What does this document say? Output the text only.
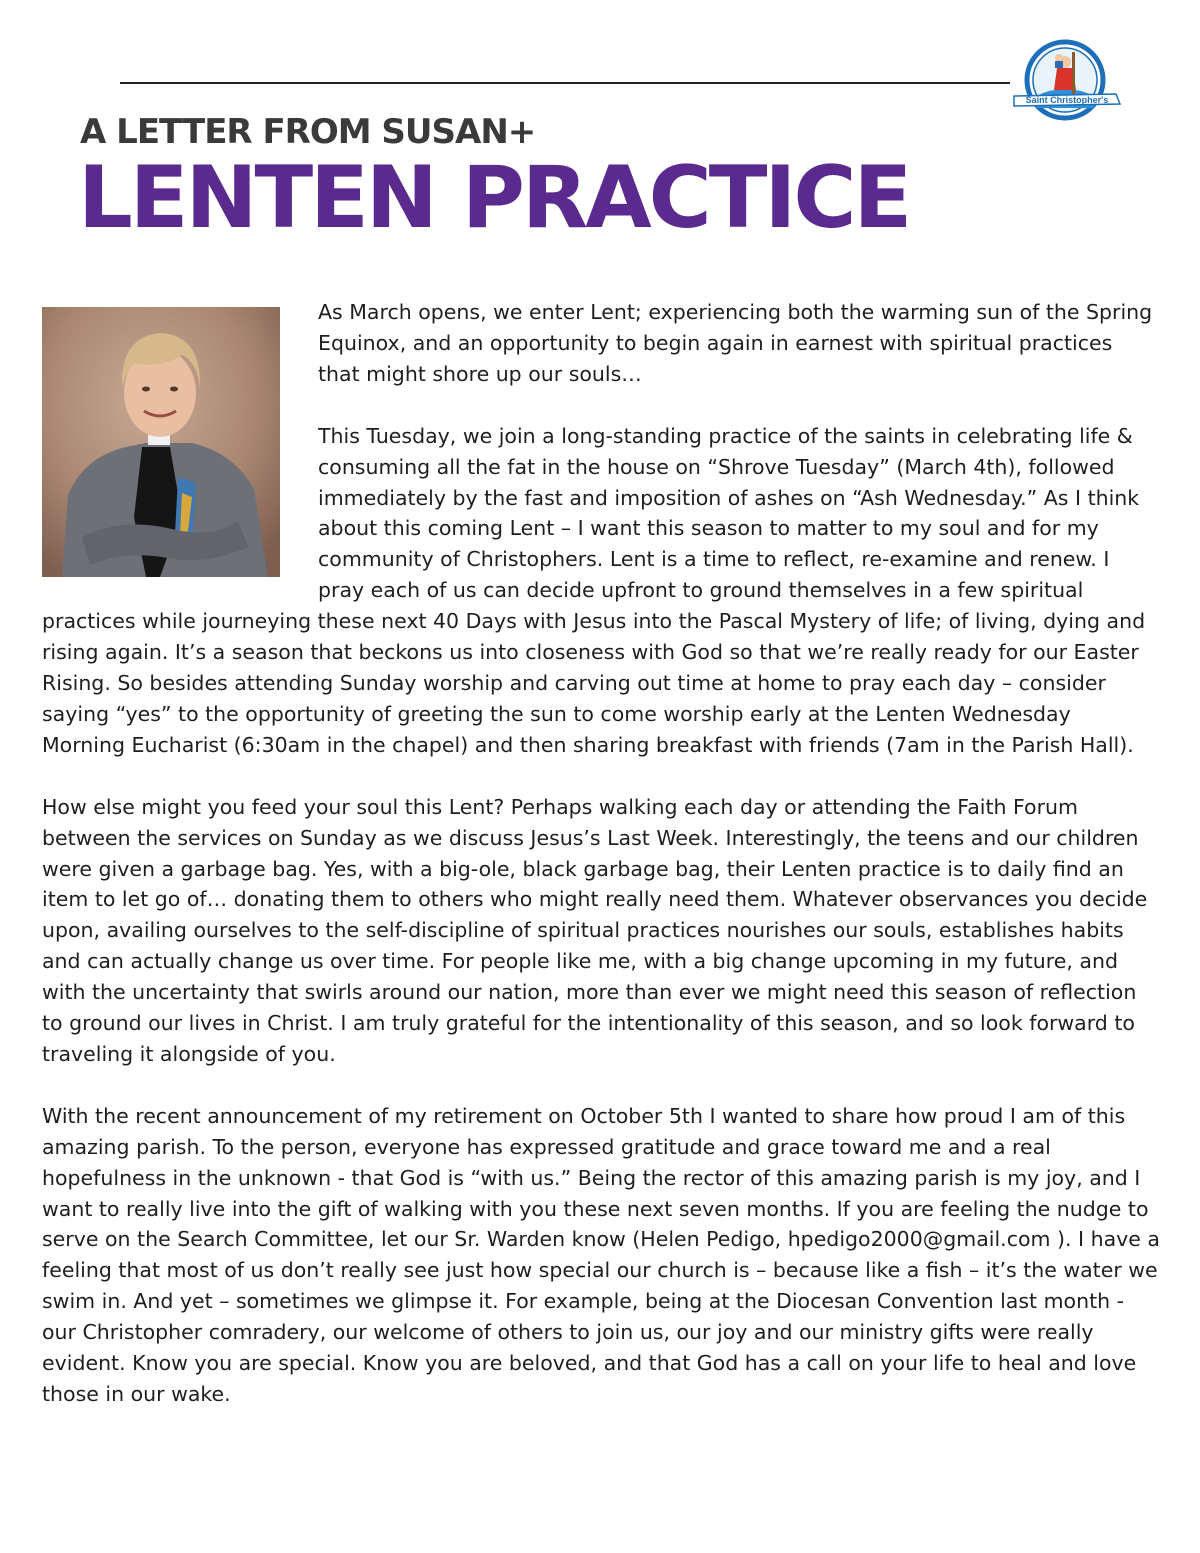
Saint Christopher's
A LETTER FROM SUSAN+
LENTEN PRACTICE

As March opens, we enter Lent; experiencing both the warming sun of the Spring Equinox, and an opportunity to begin again in earnest with spiritual practices that might shore up our souls…

This Tuesday, we join a long-standing practice of the saints in celebrating life & consuming all the fat in the house on “Shrove Tuesday” (March 4th), followed immediately by the fast and imposition of ashes on “Ash Wednesday.” As I think about this coming Lent – I want this season to matter to my soul and for my community of Christophers. Lent is a time to reflect, re-examine and renew. I pray each of us can decide upfront to ground themselves in a few spiritual practices while journeying these next 40 Days with Jesus into the Pascal Mystery of life; of living, dying and rising again. It’s a season that beckons us into closeness with God so that we’re really ready for our Easter Rising. So besides attending Sunday worship and carving out time at home to pray each day – consider saying “yes” to the opportunity of greeting the sun to come worship early at the Lenten Wednesday Morning Eucharist (6:30am in the chapel) and then sharing breakfast with friends (7am in the Parish Hall).

How else might you feed your soul this Lent? Perhaps walking each day or attending the Faith Forum between the services on Sunday as we discuss Jesus’s Last Week. Interestingly, the teens and our children were given a garbage bag. Yes, with a big-ole, black garbage bag, their Lenten practice is to daily find an item to let go of… donating them to others who might really need them. Whatever observances you decide upon, availing ourselves to the self-discipline of spiritual practices nourishes our souls, establishes habits and can actually change us over time. For people like me, with a big change upcoming in my future, and with the uncertainty that swirls around our nation, more than ever we might need this season of reflection to ground our lives in Christ. I am truly grateful for the intentionality of this season, and so look forward to traveling it alongside of you.

With the recent announcement of my retirement on October 5th I wanted to share how proud I am of this amazing parish. To the person, everyone has expressed gratitude and grace toward me and a real hopefulness in the unknown - that God is “with us.” Being the rector of this amazing parish is my joy, and I want to really live into the gift of walking with you these next seven months. If you are feeling the nudge to serve on the Search Committee, let our Sr. Warden know (Helen Pedigo, hpedigo2000@gmail.com ). I have a feeling that most of us don’t really see just how special our church is – because like a fish – it’s the water we swim in. And yet – sometimes we glimpse it. For example, being at the Diocesan Convention last month - our Christopher comradery, our welcome of others to join us, our joy and our ministry gifts were really evident. Know you are special. Know you are beloved, and that God has a call on your life to heal and love those in our wake.
